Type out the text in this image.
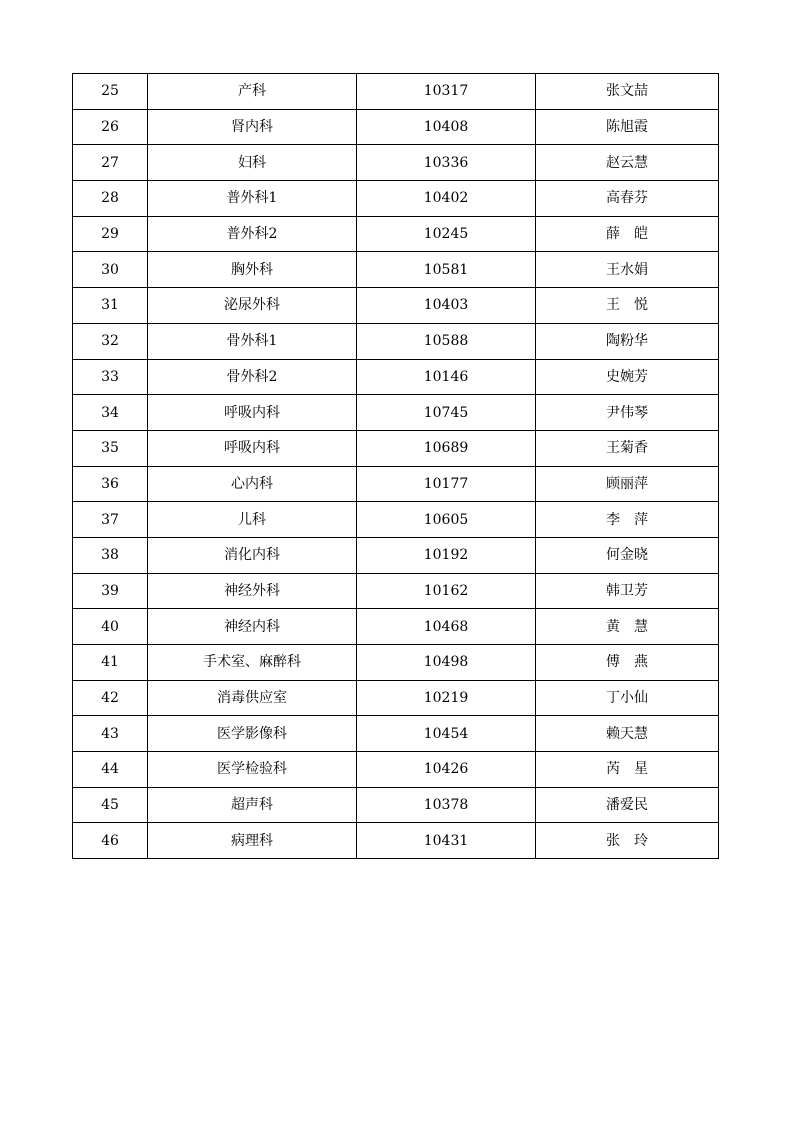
25	产科	10317	张文喆
26	肾内科	10408	陈旭霞
27	妇科	10336	赵云慧
28	普外科1	10402	高春芬
29	普外科2	10245	薛　皑
30	胸外科	10581	王水娟
31	泌尿外科	10403	王　悦
32	骨外科1	10588	陶粉华
33	骨外科2	10146	史婉芳
34	呼吸内科	10745	尹伟琴
35	呼吸内科	10689	王菊香
36	心内科	10177	顾丽萍
37	儿科	10605	李　萍
38	消化内科	10192	何金晓
39	神经外科	10162	韩卫芳
40	神经内科	10468	黄　慧
41	手术室、麻醉科	10498	傅　燕
42	消毒供应室	10219	丁小仙
43	医学影像科	10454	赖天慧
44	医学检验科	10426	芮　星
45	超声科	10378	潘爱民
46	病理科	10431	张　玲
